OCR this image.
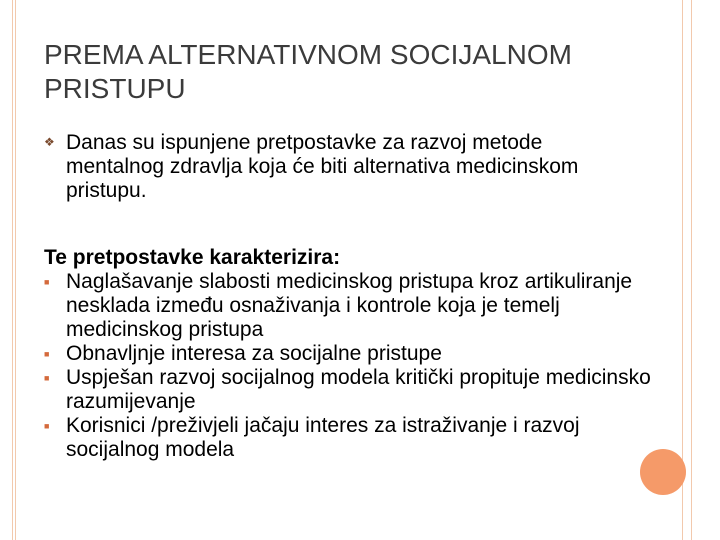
PREMA ALTERNATIVNOM SOCIJALNOM PRISTUPU
❖ Danas su ispunjene pretpostavke za razvoj metode mentalnog zdravlja koja će biti alternativa medicinskom pristupu.

Te pretpostavke karakterizira:

■ Naglašavanje slabosti medicinskog pristupa kroz artikuliranje nesklada između osnaživanja i kontrole koja je temelj medicinskog pristupa
■ Obnavljnje interesa za socijalne pristupe
■ Uspješan razvoj socijalnog modela kritički propituje medicinsko razumijevanje
■ Korisnici /preživjeli jačaju interes za istraživanje i razvoj socijalnog modela
